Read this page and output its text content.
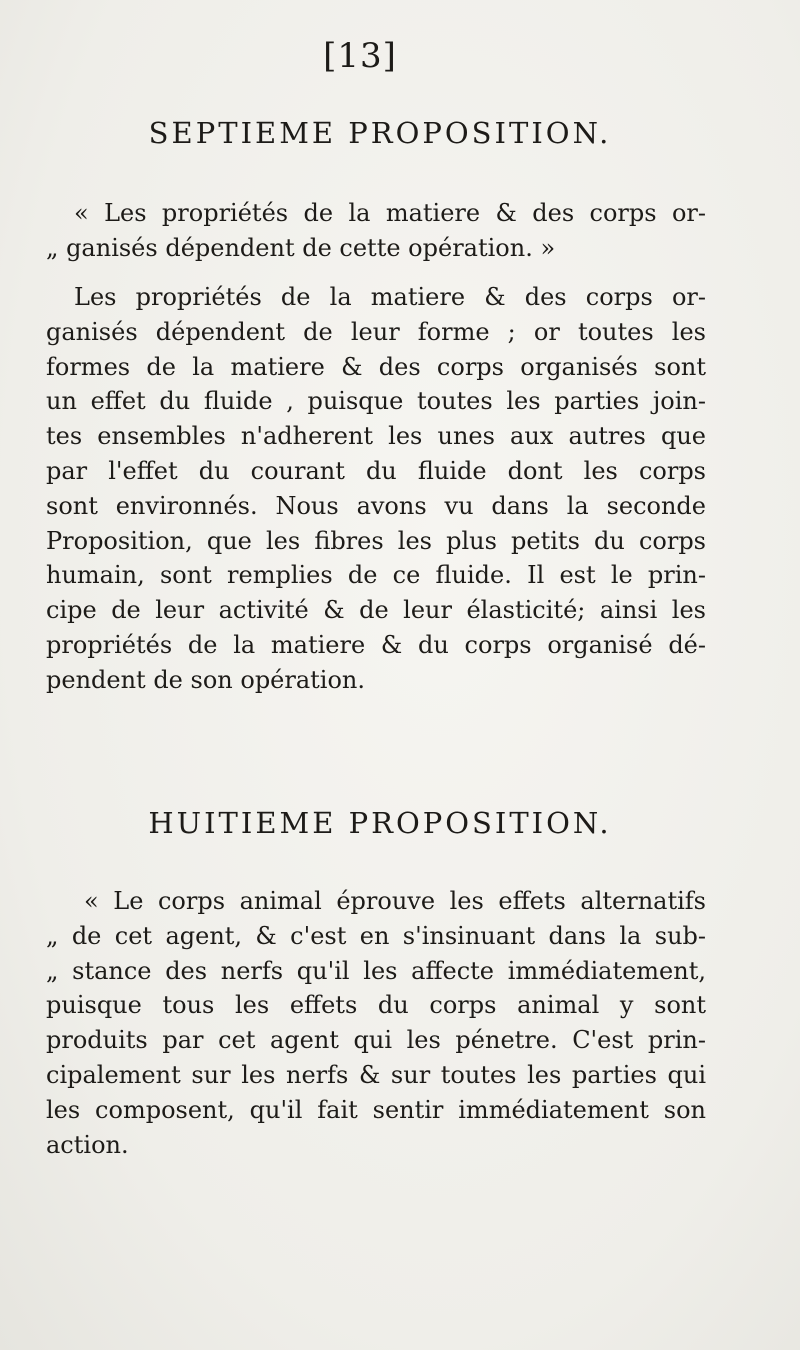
[13]
SEPTIEME PROPOSITION.
« Les propriétés de la matiere & des corps or-
„ ganisés dépendent de cette opération. »
Les propriétés de la matiere & des corps or-
ganisés dépendent de leur forme ; or toutes les
formes de la matiere & des corps organisés sont
un effet du fluide , puisque toutes les parties join-
tes ensembles n'adherent les unes aux autres que
par l'effet du courant du fluide dont les corps
sont environnés. Nous avons vu dans la seconde
Proposition, que les fibres les plus petits du corps
humain, sont remplies de ce fluide. Il est le prin-
cipe de leur activité & de leur élasticité; ainsi les
propriétés de la matiere & du corps organisé dé-
pendent de son opération.
HUITIEME PROPOSITION.
« Le corps animal éprouve les effets alternatifs
„ de cet agent, & c'est en s'insinuant dans la sub-
„ stance des nerfs qu'il les affecte immédiatement,
puisque tous les effets du corps animal y sont
produits par cet agent qui les pénetre. C'est prin-
cipalement sur les nerfs & sur toutes les parties qui
les composent, qu'il fait sentir immédiatement son
action.
